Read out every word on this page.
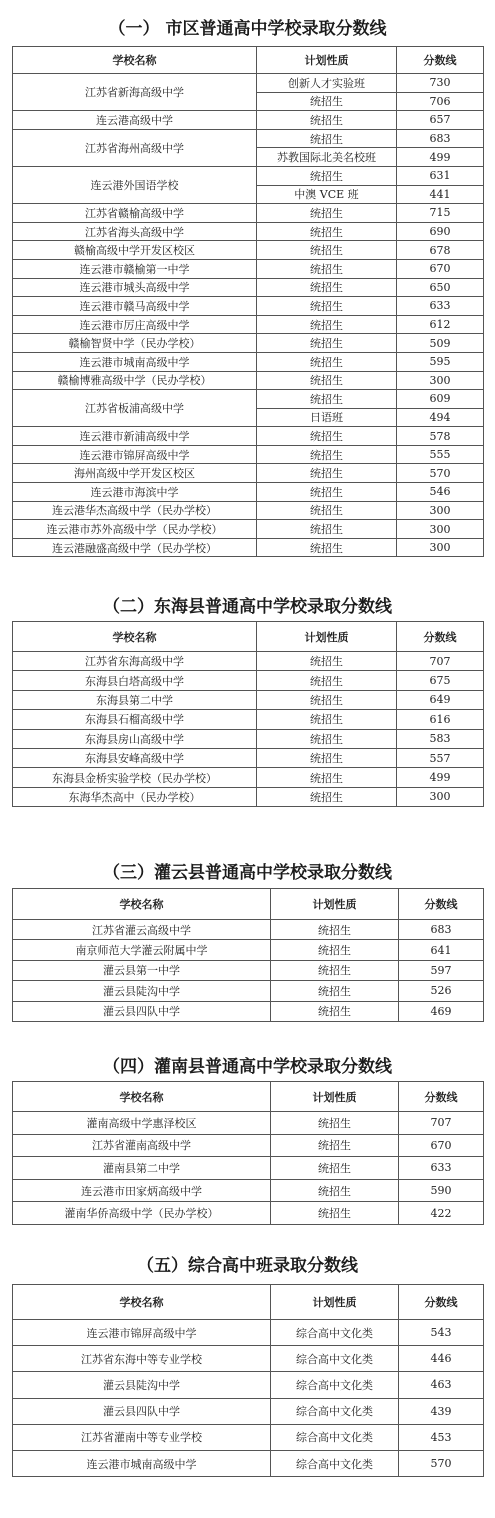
（一） 市区普通高中学校录取分数线
学校名称	计划性质	分数线
江苏省新海高级中学	创新人才实验班	730
	统招生	706
连云港高级中学	统招生	657
江苏省海州高级中学	统招生	683
	苏教国际北美名校班	499
连云港外国语学校	统招生	631
	中澳 VCE 班	441
江苏省赣榆高级中学	统招生	715
江苏省海头高级中学	统招生	690
赣榆高级中学开发区校区	统招生	678
连云港市赣榆第一中学	统招生	670
连云港市城头高级中学	统招生	650
连云港市赣马高级中学	统招生	633
连云港市厉庄高级中学	统招生	612
赣榆智贤中学（民办学校）	统招生	509
连云港市城南高级中学	统招生	595
赣榆博雅高级中学（民办学校）	统招生	300
江苏省板浦高级中学	统招生	609
	日语班	494
连云港市新浦高级中学	统招生	578
连云港市锦屏高级中学	统招生	555
海州高级中学开发区校区	统招生	570
连云港市海滨中学	统招生	546
连云港华杰高级中学（民办学校）	统招生	300
连云港市苏外高级中学（民办学校）	统招生	300
连云港融盛高级中学（民办学校）	统招生	300
（二）东海县普通高中学校录取分数线
学校名称	计划性质	分数线
江苏省东海高级中学	统招生	707
东海县白塔高级中学	统招生	675
东海县第二中学	统招生	649
东海县石榴高级中学	统招生	616
东海县房山高级中学	统招生	583
东海县安峰高级中学	统招生	557
东海县金桥实验学校（民办学校）	统招生	499
东海华杰高中（民办学校）	统招生	300
（三）灌云县普通高中学校录取分数线
学校名称	计划性质	分数线
江苏省灌云高级中学	统招生	683
南京师范大学灌云附属中学	统招生	641
灌云县第一中学	统招生	597
灌云县陡沟中学	统招生	526
灌云县四队中学	统招生	469
（四）灌南县普通高中学校录取分数线
学校名称	计划性质	分数线
灌南高级中学惠泽校区	统招生	707
江苏省灌南高级中学	统招生	670
灌南县第二中学	统招生	633
连云港市田家炳高级中学	统招生	590
灌南华侨高级中学（民办学校）	统招生	422
（五）综合高中班录取分数线
学校名称	计划性质	分数线
连云港市锦屏高级中学	综合高中文化类	543
江苏省东海中等专业学校	综合高中文化类	446
灌云县陡沟中学	综合高中文化类	463
灌云县四队中学	综合高中文化类	439
江苏省灌南中等专业学校	综合高中文化类	453
连云港市城南高级中学	综合高中文化类	570
